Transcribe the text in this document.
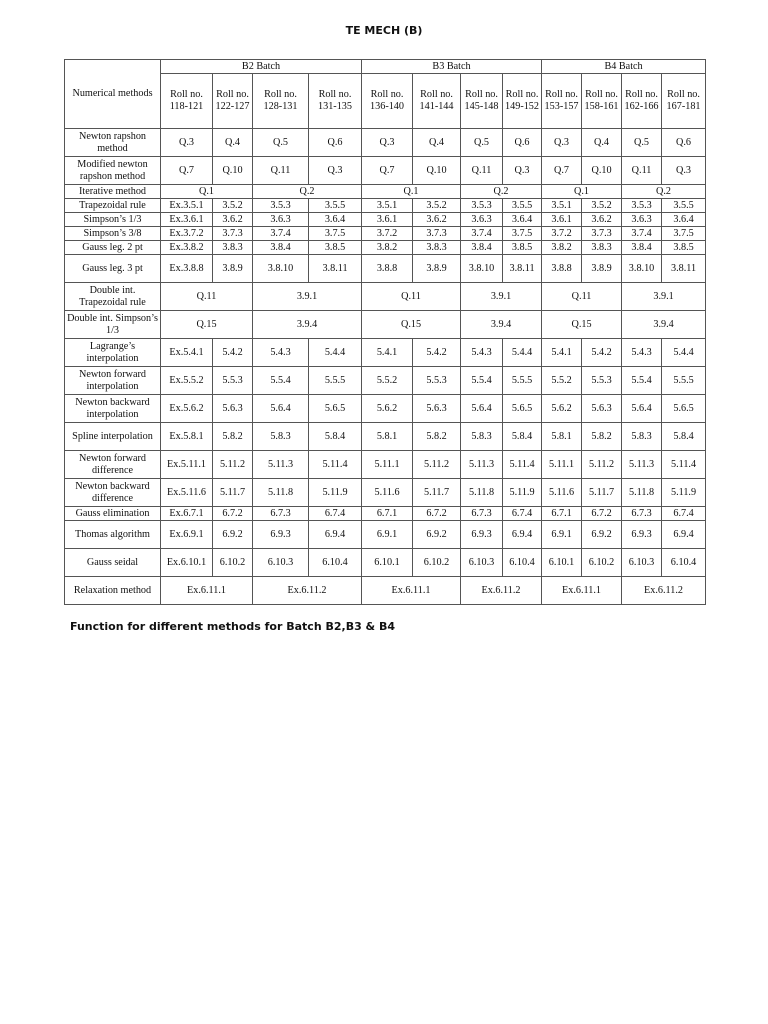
TE MECH (B)
Numerical methods	B2 Batch				B3 Batch				B4 Batch			
	Roll no. 118-121	Roll no. 122-127	Roll no. 128-131	Roll no. 131-135	Roll no. 136-140	Roll no. 141-144	Roll no. 145-148	Roll no. 149-152	Roll no. 153-157	Roll no. 158-161	Roll no. 162-166	Roll no. 167-181
Newton rapshon method	Q.3	Q.4	Q.5	Q.6	Q.3	Q.4	Q.5	Q.6	Q.3	Q.4	Q.5	Q.6
Modified newton rapshon method	Q.7	Q.10	Q.11	Q.3	Q.7	Q.10	Q.11	Q.3	Q.7	Q.10	Q.11	Q.3
Iterative method	Q.1		Q.2		Q.1		Q.2		Q.1		Q.2	
Trapezoidal rule	Ex.3.5.1	3.5.2	3.5.3	3.5.5	3.5.1	3.5.2	3.5.3	3.5.5	3.5.1	3.5.2	3.5.3	3.5.5
Simpson’s 1/3	Ex.3.6.1	3.6.2	3.6.3	3.6.4	3.6.1	3.6.2	3.6.3	3.6.4	3.6.1	3.6.2	3.6.3	3.6.4
Simpson’s 3/8	Ex.3.7.2	3.7.3	3.7.4	3.7.5	3.7.2	3.7.3	3.7.4	3.7.5	3.7.2	3.7.3	3.7.4	3.7.5
Gauss leg. 2 pt	Ex.3.8.2	3.8.3	3.8.4	3.8.5	3.8.2	3.8.3	3.8.4	3.8.5	3.8.2	3.8.3	3.8.4	3.8.5
Gauss leg. 3 pt	Ex.3.8.8	3.8.9	3.8.10	3.8.11	3.8.8	3.8.9	3.8.10	3.8.11	3.8.8	3.8.9	3.8.10	3.8.11
Double int. Trapezoidal rule	Q.11		3.9.1		Q.11		3.9.1		Q.11		3.9.1	
Double int. Simpson’s 1/3	Q.15		3.9.4		Q.15		3.9.4		Q.15		3.9.4	
Lagrange’s interpolation	Ex.5.4.1	5.4.2	5.4.3	5.4.4	5.4.1	5.4.2	5.4.3	5.4.4	5.4.1	5.4.2	5.4.3	5.4.4
Newton forward interpolation	Ex.5.5.2	5.5.3	5.5.4	5.5.5	5.5.2	5.5.3	5.5.4	5.5.5	5.5.2	5.5.3	5.5.4	5.5.5
Newton backward interpolation	Ex.5.6.2	5.6.3	5.6.4	5.6.5	5.6.2	5.6.3	5.6.4	5.6.5	5.6.2	5.6.3	5.6.4	5.6.5
Spline interpolation	Ex.5.8.1	5.8.2	5.8.3	5.8.4	5.8.1	5.8.2	5.8.3	5.8.4	5.8.1	5.8.2	5.8.3	5.8.4
Newton forward difference	Ex.5.11.1	5.11.2	5.11.3	5.11.4	5.11.1	5.11.2	5.11.3	5.11.4	5.11.1	5.11.2	5.11.3	5.11.4
Newton backward difference	Ex.5.11.6	5.11.7	5.11.8	5.11.9	5.11.6	5.11.7	5.11.8	5.11.9	5.11.6	5.11.7	5.11.8	5.11.9
Gauss elimination	Ex.6.7.1	6.7.2	6.7.3	6.7.4	6.7.1	6.7.2	6.7.3	6.7.4	6.7.1	6.7.2	6.7.3	6.7.4
Thomas algorithm	Ex.6.9.1	6.9.2	6.9.3	6.9.4	6.9.1	6.9.2	6.9.3	6.9.4	6.9.1	6.9.2	6.9.3	6.9.4
Gauss seidal	Ex.6.10.1	6.10.2	6.10.3	6.10.4	6.10.1	6.10.2	6.10.3	6.10.4	6.10.1	6.10.2	6.10.3	6.10.4
Relaxation method	Ex.6.11.1		Ex.6.11.2		Ex.6.11.1		Ex.6.11.2		Ex.6.11.1		Ex.6.11.2	
Function for different methods for Batch B2,B3 & B4
